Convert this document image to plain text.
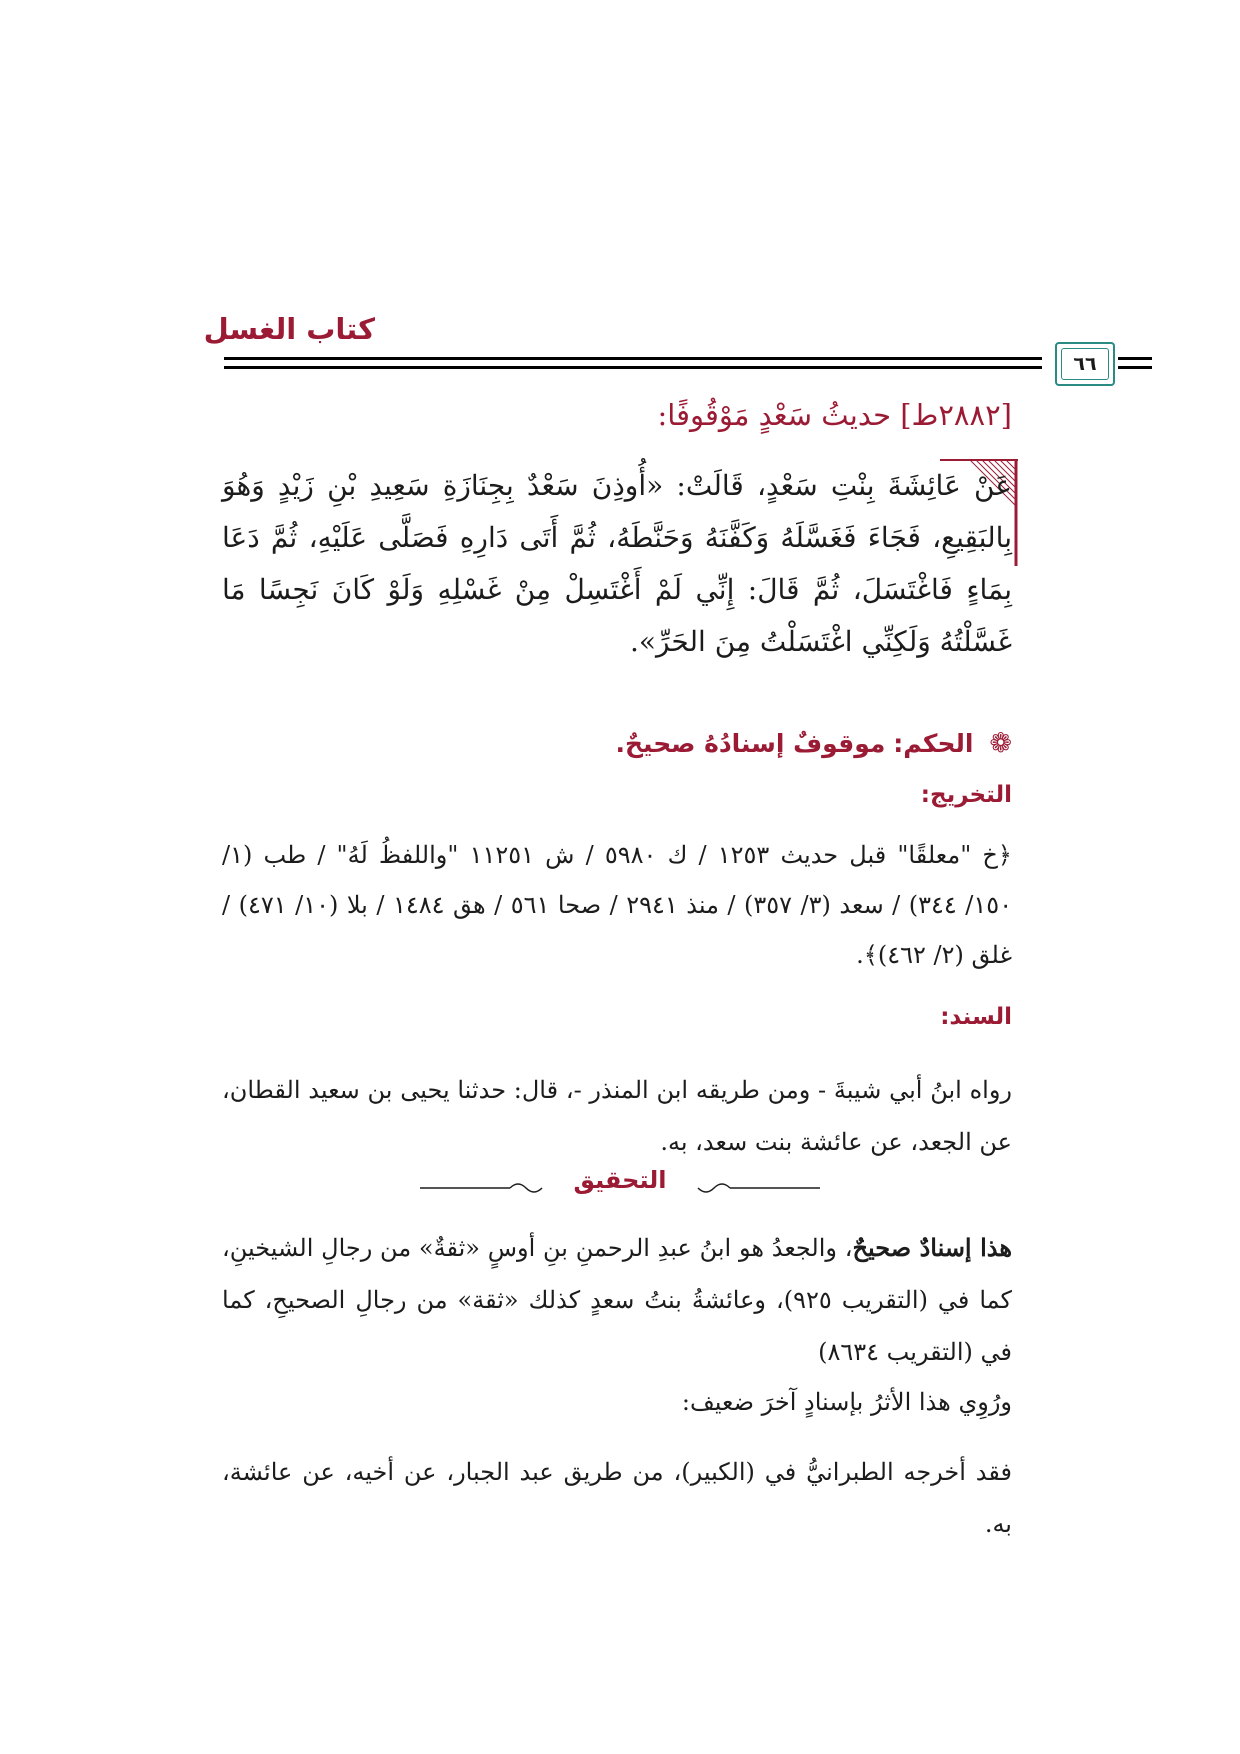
كتاب الغسل
٦٦
[٢٨٨٢ط] حديثُ سَعْدٍ مَوْقُوفًا:
عَنْ عَائِشَةَ بِنْتِ سَعْدٍ، قَالَتْ: «أُوذِنَ سَعْدٌ بِجِنَازَةِ سَعِيدِ بْنِ زَيْدٍ وَهُوَ بِالبَقِيعِ، فَجَاءَ فَغَسَّلَهُ وَكَفَّنَهُ وَحَنَّطَهُ، ثُمَّ أَتَى دَارِهِ فَصَلَّى عَلَيْهِ، ثُمَّ دَعَا بِمَاءٍ فَاغْتَسَلَ، ثُمَّ قَالَ: إِنِّي لَمْ أَغْتَسِلْ مِنْ غَسْلِهِ وَلَوْ كَانَ نَجِسًا مَا غَسَّلْتُهُ وَلَكِنِّي اغْتَسَلْتُ مِنَ الحَرِّ».
❁ الحكم: موقوفٌ إسنادُهُ صحيحٌ.
التخريج:
﴿خ "معلقًا" قبل حديث ١٢٥٣ / ك ٥٩٨٠ / ش ١١٢٥١ "واللفظُ لَهُ" / طب (١/ ١٥٠/ ٣٤٤) / سعد (٣/ ٣٥٧) / منذ ٢٩٤١ / صحا ٥٦١ / هق ١٤٨٤ / بلا (١٠/ ٤٧١) / غلق (٢/ ٤٦٢)﴾.
السند:
رواه ابنُ أبي شيبةَ - ومن طريقه ابن المنذر -، قال: حدثنا يحيى بن سعيد القطان، عن الجعد، عن عائشة بنت سعد، به.
التحقيق
هذا إسنادٌ صحيحٌ، والجعدُ هو ابنُ عبدِ الرحمنِ بنِ أوسٍ «ثقةٌ» من رجالِ الشيخينِ، كما في (التقريب ٩٢٥)، وعائشةُ بنتُ سعدٍ كذلك «ثقة» من رجالِ الصحيحِ، كما في (التقريب ٨٦٣٤)
ورُوِي هذا الأثرُ بإسنادٍ آخرَ ضعيف:
فقد أخرجه الطبرانيُّ في (الكبير)، من طريق عبد الجبار، عن أخيه، عن عائشة، به.
